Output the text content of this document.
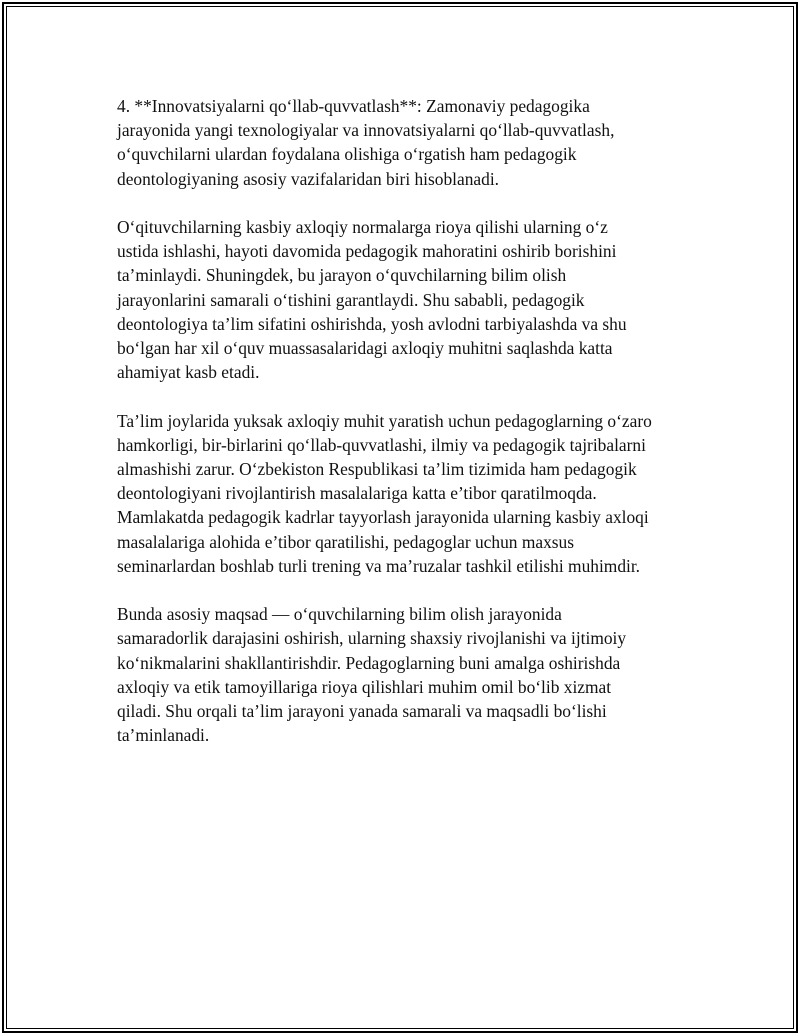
4. **Innovatsiyalarni qo‘llab-quvvatlash**: Zamonaviy pedagogika
jarayonida yangi texnologiyalar va innovatsiyalarni qo‘llab-quvvatlash,
o‘quvchilarni ulardan foydalana olishiga o‘rgatish ham pedagogik
deontologiyaning asosiy vazifalaridan biri hisoblanadi.

O‘qituvchilarning kasbiy axloqiy normalarga rioya qilishi ularning o‘z
ustida ishlashi, hayoti davomida pedagogik mahoratini oshirib borishini
ta’minlaydi. Shuningdek, bu jarayon o‘quvchilarning bilim olish
jarayonlarini samarali o‘tishini garantlaydi. Shu sababli, pedagogik
deontologiya ta’lim sifatini oshirishda, yosh avlodni tarbiyalashda va shu
bo‘lgan har xil o‘quv muassasalaridagi axloqiy muhitni saqlashda katta
ahamiyat kasb etadi.

Ta’lim joylarida yuksak axloqiy muhit yaratish uchun pedagoglarning o‘zaro
hamkorligi, bir-birlarini qo‘llab-quvvatlashi, ilmiy va pedagogik tajribalarni
almashishi zarur. O‘zbekiston Respublikasi ta’lim tizimida ham pedagogik
deontologiyani rivojlantirish masalalariga katta e’tibor qaratilmoqda.
Mamlakatda pedagogik kadrlar tayyorlash jarayonida ularning kasbiy axloqi
masalalariga alohida e’tibor qaratilishi, pedagoglar uchun maxsus
seminarlardan boshlab turli trening va ma’ruzalar tashkil etilishi muhimdir.

Bunda asosiy maqsad — o‘quvchilarning bilim olish jarayonida
samaradorlik darajasini oshirish, ularning shaxsiy rivojlanishi va ijtimoiy
ko‘nikmalarini shakllantirishdir. Pedagoglarning buni amalga oshirishda
axloqiy va etik tamoyillariga rioya qilishlari muhim omil bo‘lib xizmat
qiladi. Shu orqali ta’lim jarayoni yanada samarali va maqsadli bo‘lishi
ta’minlanadi.
